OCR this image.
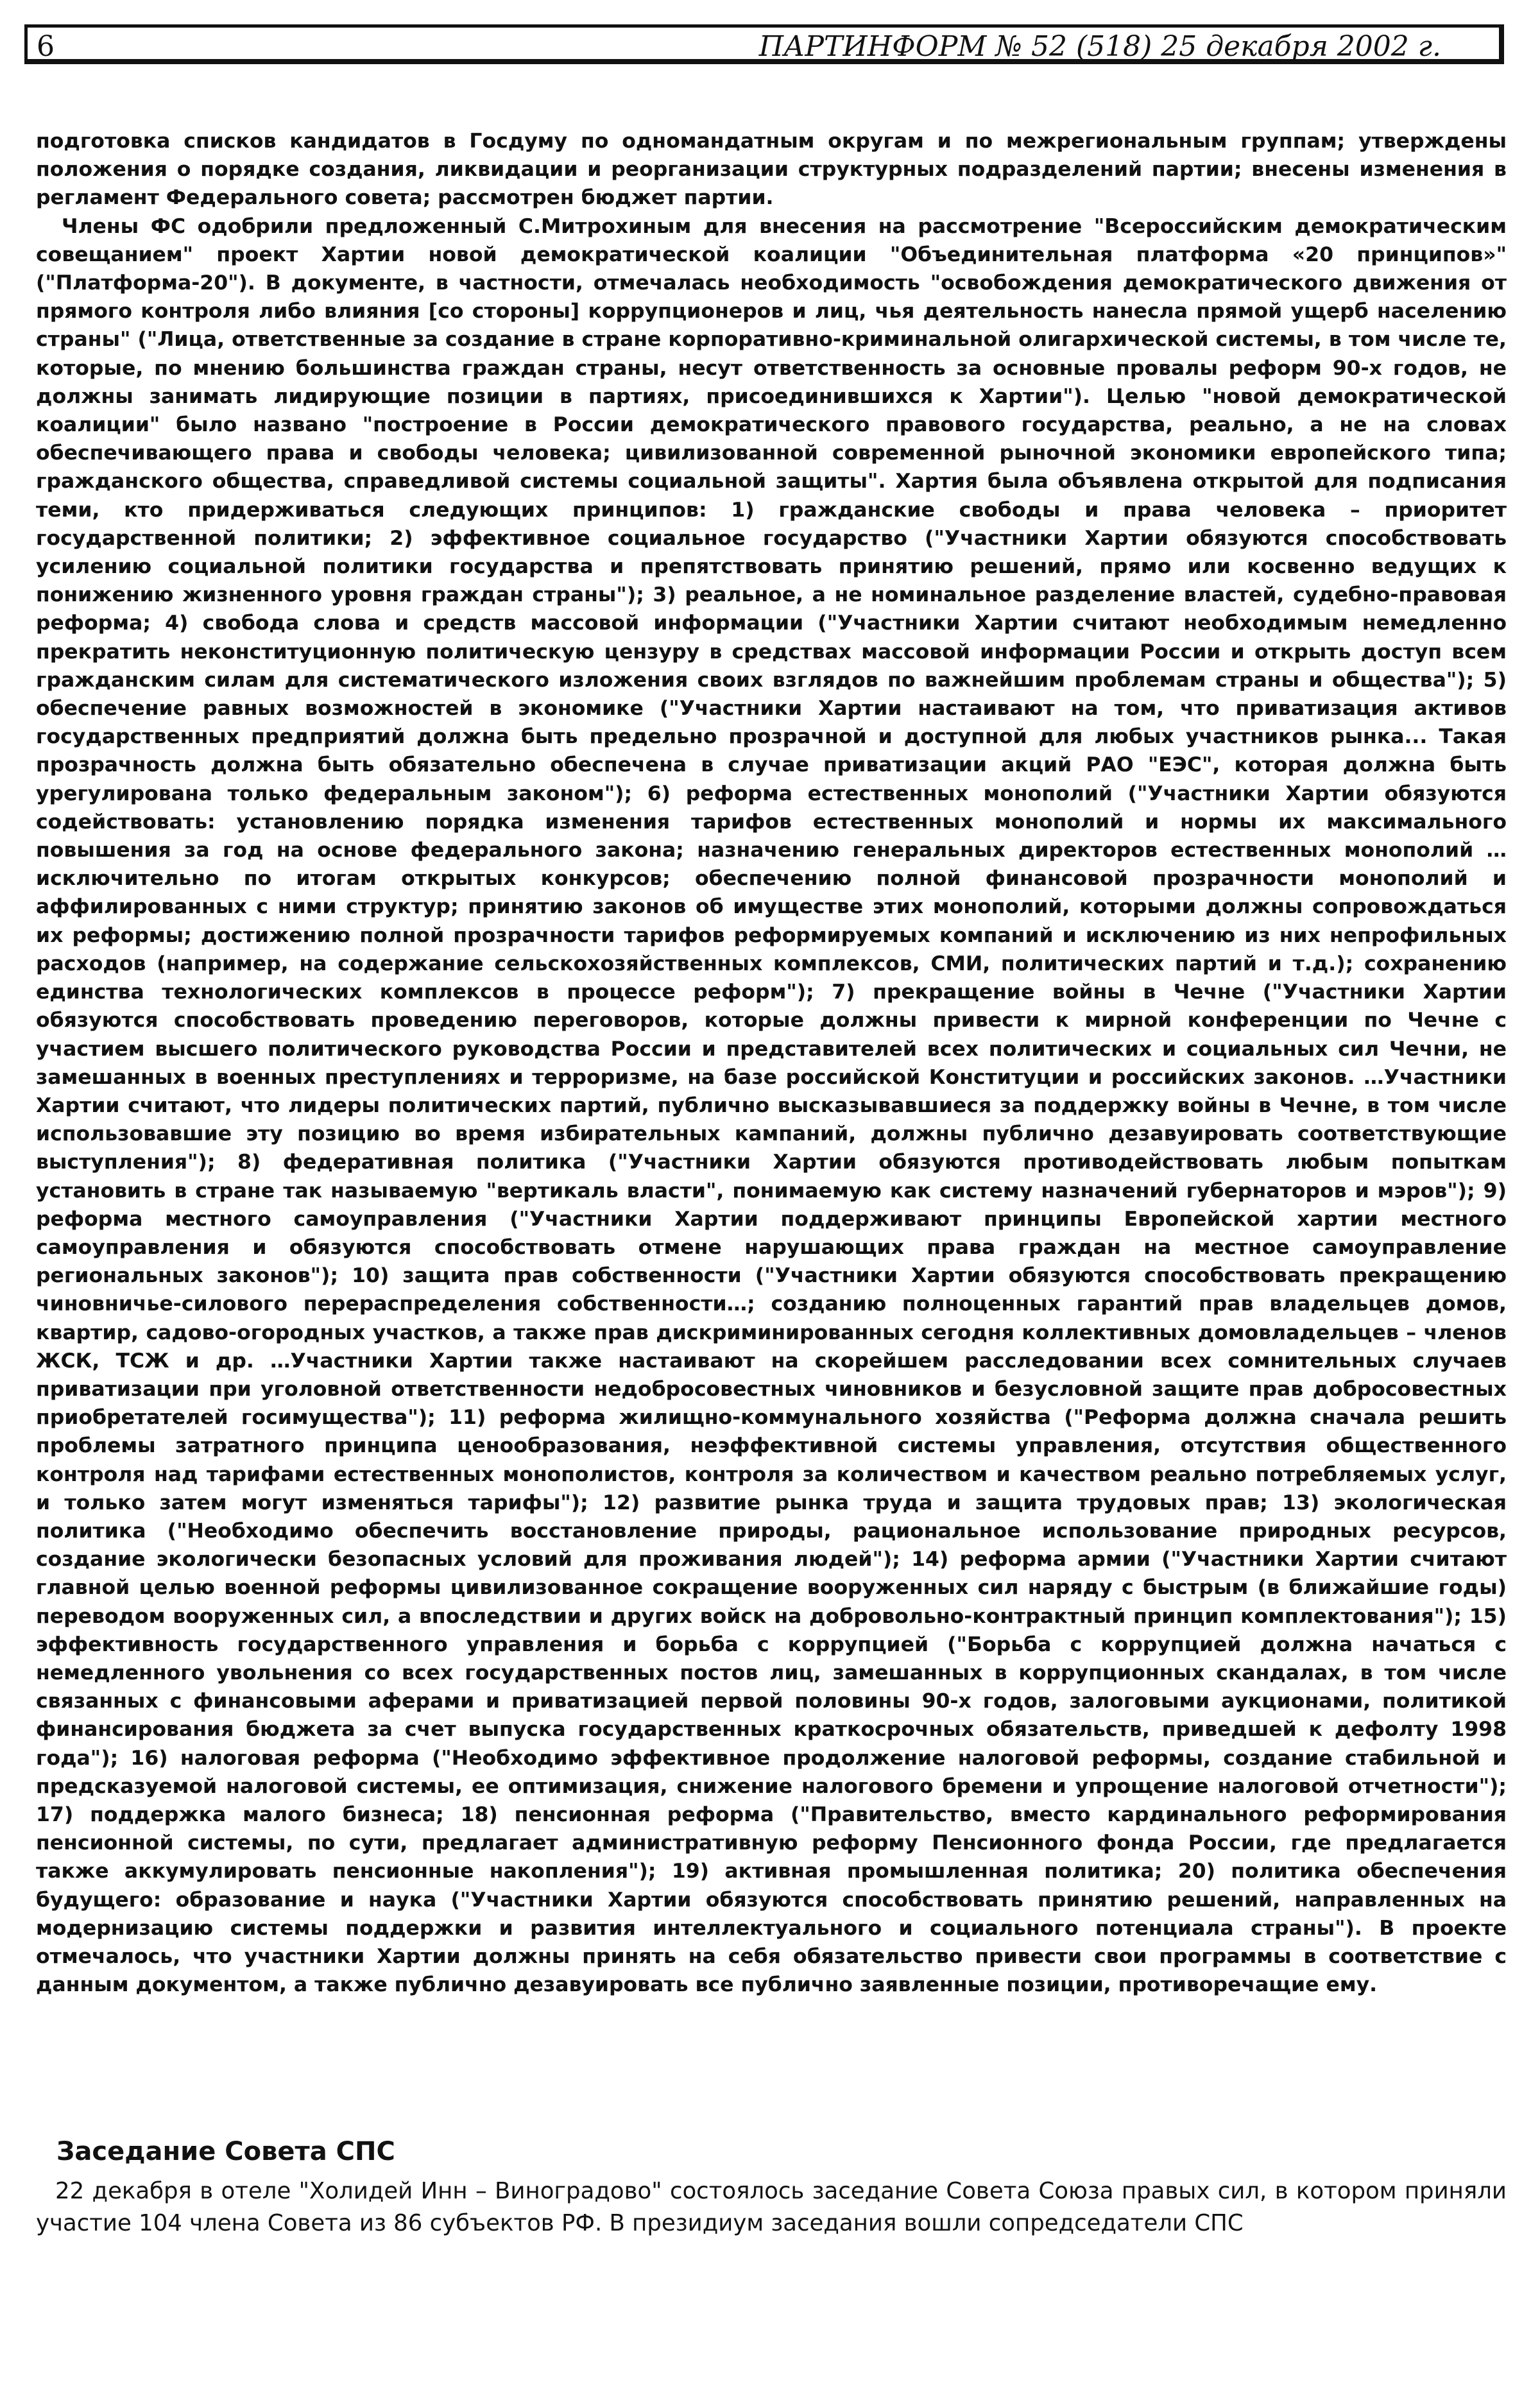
6	ПАРТИНФОРМ № 52 (518) 25 декабря 2002 г.

подготовка списков кандидатов в Госдуму по одномандатным округам и по межрегиональным группам; утверждены положения о порядке создания, ликвидации и реорганизации структурных подразделений партии; внесены изменения в регламент Федерального совета; рассмотрен бюджет партии.

Члены ФС одобрили предложенный С.Митрохиным для внесения на рассмотрение "Всероссийским демократическим совещанием" проект Хартии новой демократической коалиции "Объединительная платформа «20 принципов»" ("Платформа-20"). В документе, в частности, отмечалась необходимость "освобождения демократического движения от прямого контроля либо влияния [со стороны] коррупционеров и лиц, чья деятельность нанесла прямой ущерб населению страны" ("Лица, ответственные за создание в стране корпоративно-криминальной олигархической системы, в том числе те, которые, по мнению большинства граждан страны, несут ответственность за основные провалы реформ 90-х годов, не должны занимать лидирующие позиции в партиях, присоединившихся к Хартии"). Целью "новой демократической коалиции" было названо "построение в России демократического правового государства, реально, а не на словах обеспечивающего права и свободы человека; цивилизованной современной рыночной экономики европейского типа; гражданского общества, справедливой системы социальной защиты". Хартия была объявлена открытой для подписания теми, кто придерживаться следующих принципов: 1) гражданские свободы и права человека – приоритет государственной политики; 2) эффективное социальное государство ("Участники Хартии обязуются способствовать усилению социальной политики государства и препятствовать принятию решений, прямо или косвенно ведущих к понижению жизненного уровня граждан страны"); 3) реальное, а не номинальное разделение властей, судебно-правовая реформа; 4) свобода слова и средств массовой информации ("Участники Хартии считают необходимым немедленно прекратить неконституционную политическую цензуру в средствах массовой информации России и открыть доступ всем гражданским силам для систематического изложения своих взглядов по важнейшим проблемам страны и общества"); 5) обеспечение равных возможностей в экономике ("Участники Хартии настаивают на том, что приватизация активов государственных предприятий должна быть предельно прозрачной и доступной для любых участников рынка... Такая прозрачность должна быть обязательно обеспечена в случае приватизации акций РАО "ЕЭС", которая должна быть урегулирована только федеральным законом"); 6) реформа естественных монополий ("Участники Хартии обязуются содействовать: установлению порядка изменения тарифов естественных монополий и нормы их максимального повышения за год на основе федерального закона; назначению генеральных директоров естественных монополий …исключительно по итогам открытых конкурсов; обеспечению полной финансовой прозрачности монополий и аффилированных с ними структур; принятию законов об имуществе этих монополий, которыми должны сопровождаться их реформы; достижению полной прозрачности тарифов реформируемых компаний и исключению из них непрофильных расходов (например, на содержание сельскохозяйственных комплексов, СМИ, политических партий и т.д.); сохранению единства технологических комплексов в процессе реформ"); 7) прекращение войны в Чечне ("Участники Хартии обязуются способствовать проведению переговоров, которые должны привести к мирной конференции по Чечне с участием высшего политического руководства России и представителей всех политических и социальных сил Чечни, не замешанных в военных преступлениях и терроризме, на базе российской Конституции и российских законов. …Участники Хартии считают, что лидеры политических партий, публично высказывавшиеся за поддержку войны в Чечне, в том числе использовавшие эту позицию во время избирательных кампаний, должны публично дезавуировать соответствующие выступления"); 8) федеративная политика ("Участники Хартии обязуются противодействовать любым попыткам установить в стране так называемую "вертикаль власти", понимаемую как систему назначений губернаторов и мэров"); 9) реформа местного самоуправления ("Участники Хартии поддерживают принципы Европейской хартии местного самоуправления и обязуются способствовать отмене нарушающих права граждан на местное самоуправление региональных законов"); 10) защита прав собственности ("Участники Хартии обязуются способствовать прекращению чиновничье-силового перераспределения собственности…; созданию полноценных гарантий прав владельцев домов, квартир, садово-огородных участков, а также прав дискриминированных сегодня коллективных домовладельцев – членов ЖСК, ТСЖ и др. …Участники Хартии также настаивают на скорейшем расследовании всех сомнительных случаев приватизации при уголовной ответственности недобросовестных чиновников и безусловной защите прав добросовестных приобретателей госимущества"); 11) реформа жилищно-коммунального хозяйства ("Реформа должна сначала решить проблемы затратного принципа ценообразования, неэффективной системы управления, отсутствия общественного контроля над тарифами естественных монополистов, контроля за количеством и качеством реально потребляемых услуг, и только затем могут изменяться тарифы"); 12) развитие рынка труда и защита трудовых прав; 13) экологическая политика ("Необходимо обеспечить восстановление природы, рациональное использование природных ресурсов, создание экологически безопасных условий для проживания людей"); 14) реформа армии ("Участники Хартии считают главной целью военной реформы цивилизованное сокращение вооруженных сил наряду с быстрым (в ближайшие годы) переводом вооруженных сил, а впоследствии и других войск на добровольно-контрактный принцип комплектования"); 15) эффективность государственного управления и борьба с коррупцией ("Борьба с коррупцией должна начаться с немедленного увольнения со всех государственных постов лиц, замешанных в коррупционных скандалах, в том числе связанных с финансовыми аферами и приватизацией первой половины 90-х годов, залоговыми аукционами, политикой финансирования бюджета за счет выпуска государственных краткосрочных обязательств, приведшей к дефолту 1998 года"); 16) налоговая реформа ("Необходимо эффективное продолжение налоговой реформы, создание стабильной и предсказуемой налоговой системы, ее оптимизация, снижение налогового бремени и упрощение налоговой отчетности"); 17) поддержка малого бизнеса; 18) пенсионная реформа ("Правительство, вместо кардинального реформирования пенсионной системы, по сути, предлагает административную реформу Пенсионного фонда России, где предлагается также аккумулировать пенсионные накопления"); 19) активная промышленная политика; 20) политика обеспечения будущего: образование и наука ("Участники Хартии обязуются способствовать принятию решений, направленных на модернизацию системы поддержки и развития интеллектуального и социального потенциала страны"). В проекте отмечалось, что участники Хартии должны принять на себя обязательство привести свои программы в соответствие с данным документом, а также публично дезавуировать все публично заявленные позиции, противоречащие ему.

Заседание Совета СПС

22 декабря в отеле "Холидей Инн – Виноградово" состоялось заседание Совета Союза правых сил, в котором приняли участие 104 члена Совета из 86 субъектов РФ. В президиум заседания вошли сопредседатели СПС
